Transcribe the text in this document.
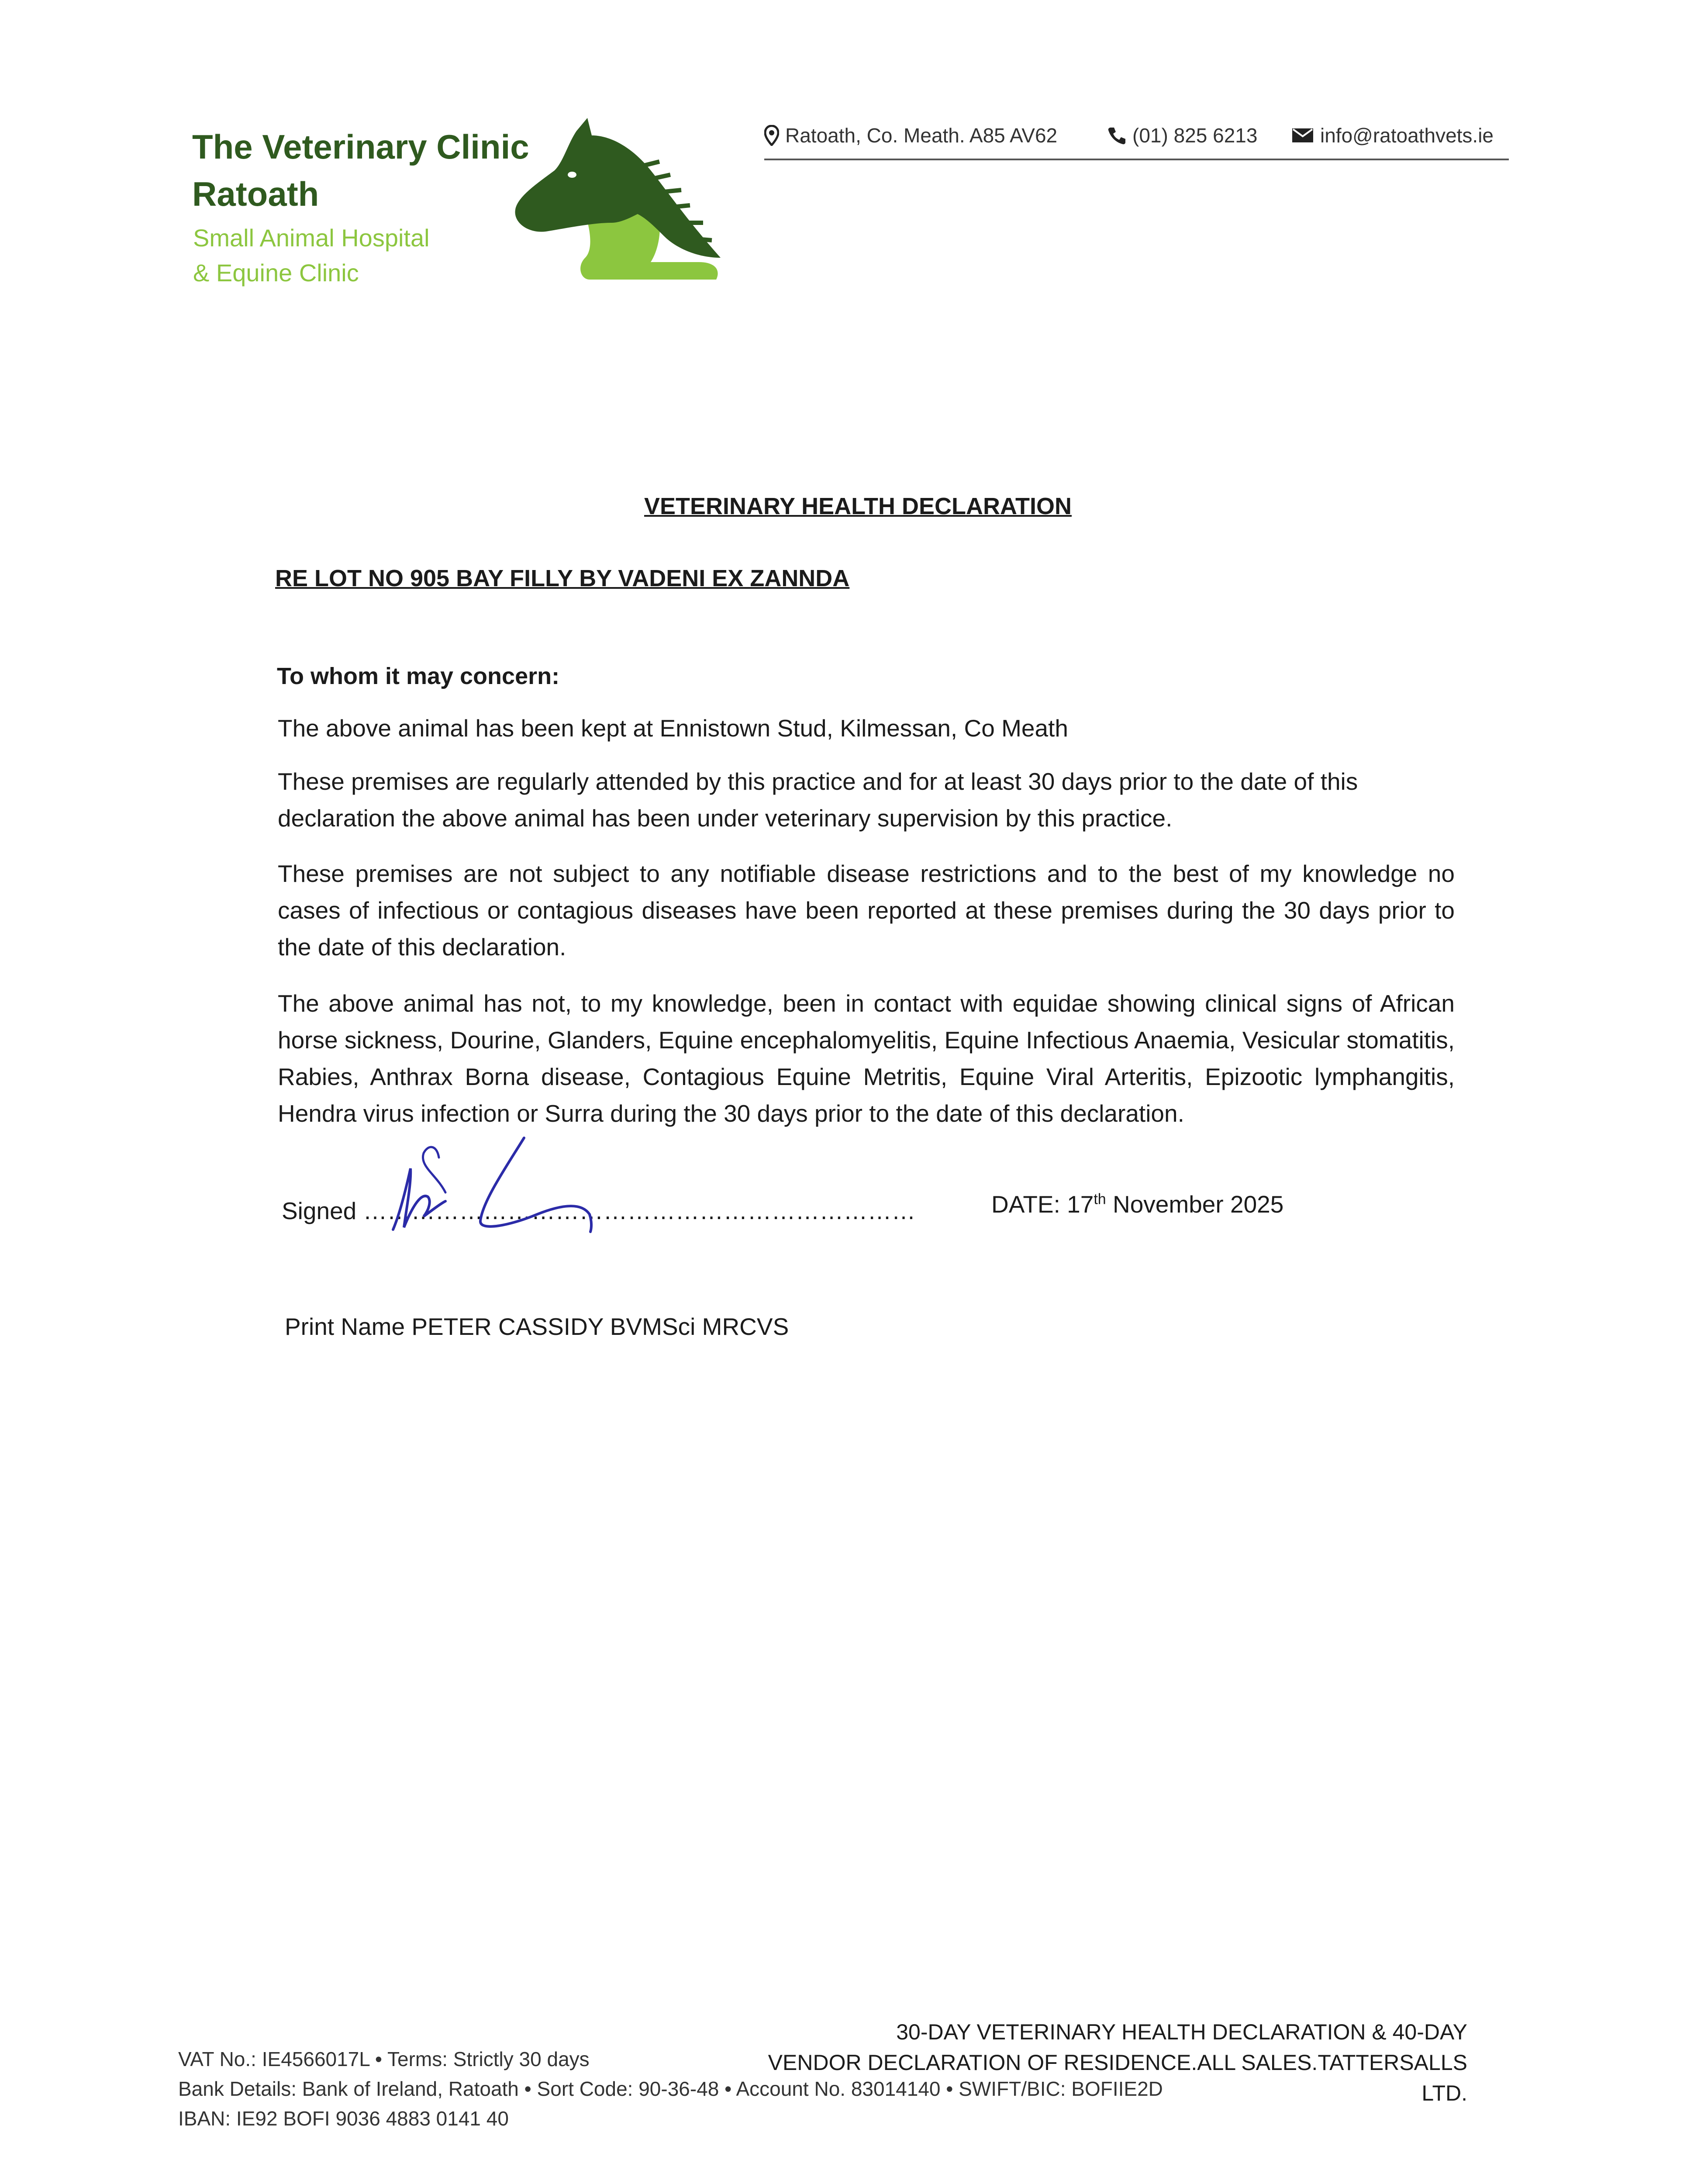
The Veterinary Clinic
Ratoath
Small Animal Hospital
& Equine Clinic
Ratoath, Co. Meath. A85 AV62	(01) 825 6213	info@ratoathvets.ie
VETERINARY HEALTH DECLARATION
RE LOT NO 905 BAY FILLY BY VADENI EX ZANNDA
To whom it may concern:
The above animal has been kept at Ennistown Stud, Kilmessan, Co Meath
These premises are regularly attended by this practice and for at least 30 days prior to the date of this declaration the above animal has been under veterinary supervision by this practice.
These premises are not subject to any notifiable disease restrictions and to the best of my knowledge no cases of infectious or contagious diseases have been reported at these premises during the 30 days prior to the date of this declaration.
The above animal has not, to my knowledge, been in contact with equidae showing clinical signs of African horse sickness, Dourine, Glanders, Equine encephalomyelitis, Equine Infectious Anaemia, Vesicular stomatitis, Rabies, Anthrax Borna disease, Contagious Equine Metritis, Equine Viral Arteritis, Epizootic lymphangitis, Hendra virus infection or Surra during the 30 days prior to the date of this declaration.
Signed ……………………………………………………………	DATE: 17th November 2025
Print Name PETER CASSIDY BVMSci MRCVS
VAT No.: IE4566017L • Terms: Strictly 30 days
Bank Details: Bank of Ireland, Ratoath • Sort Code: 90-36-48 • Account No. 83014140 • SWIFT/BIC: BOFIIE2D
IBAN: IE92 BOFI 9036 4883 0141 40
30-DAY VETERINARY HEALTH DECLARATION & 40-DAY
VENDOR DECLARATION OF RESIDENCE.ALL SALES.TATTERSALLS LTD.
